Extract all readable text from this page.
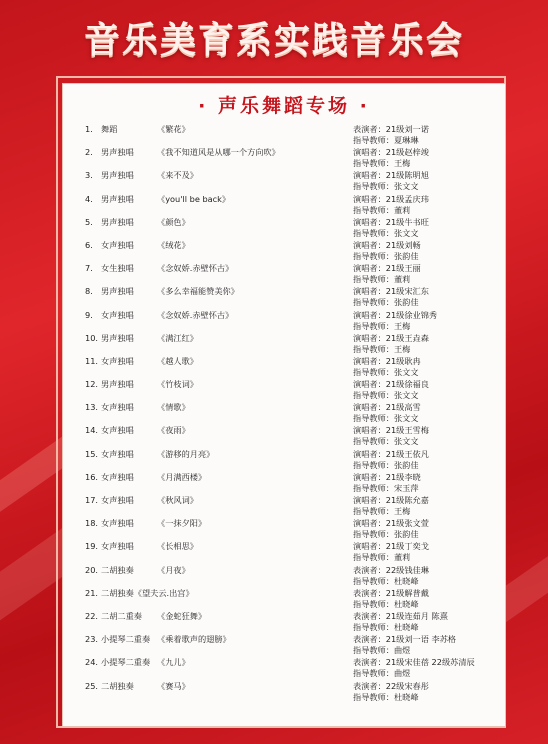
音乐美育系实践音乐会
· 声乐舞蹈专场 ·
1. 舞蹈	《繁花》	表演者：21级刘一诺
指导教师：夏琳琳
2. 男声独唱	《我不知道风是从哪一个方向吹》	演唱者：21级赵梓竣
指导教师：王梅
3. 男声独唱	《来不及》	演唱者：21级陈明旭
指导教师：张文文
4. 男声独唱	《you'll be back》	演唱者：21级孟庆玮
指导教师：董莉
5. 男声独唱	《颜色》	演唱者：21级牛书旺
指导教师：张文文
6. 女声独唱	《绒花》	演唱者：21级刘畅
指导教师：张韵佳
7. 女生独唱	《念奴娇.赤壁怀古》	演唱者：21级王丽
指导教师：董莉
8. 男声独唱	《多么幸福能赞美你》	演唱者：21级宋汇东
指导教师：张韵佳
9. 女声独唱	《念奴娇.赤壁怀古》	演唱者：21级徐业锦秀
指导教师：王梅
10. 男声独唱	《满江红》	演唱者：21级王垚森
指导教师：王梅
11. 女声独唱	《越人歌》	演唱者：21级耿冉
指导教师：张文文
12. 男声独唱	《竹枝词》	演唱者：21级徐福良
指导教师：张文文
13. 女声独唱	《情歌》	演唱者：21级高雪
指导教师：张文文
14. 女声独唱	《夜雨》	演唱者：21级王雪梅
指导教师：张文文
15. 女声独唱	《游移的月亮》	演唱者：21级王依凡
指导教师：张韵佳
16. 女声独唱	《月满西楼》	演唱者：21级李晓
指导教师：宋玉萍
17. 女声独唱	《秋风词》	演唱者：21级陈允嘉
指导教师：王梅
18. 女声独唱	《一抹夕阳》	演唱者：21级张文萱
指导教师：张韵佳
19. 女声独唱	《长相思》	演唱者：21级丁奕戈
指导教师：董莉
20. 二胡独奏	《月夜》	表演者：22级钱佳琳
指导教师：杜晓峰
21. 二胡独奏《望夫云.出宫》	表演者：21级解普戴
指导教师：杜晓峰
22. 二胡二重奏 《金蛇狂舞》	表演者：21级连茹月 陈熹
指导教师：杜晓峰
23. 小提琴二重奏 《乘着歌声的翅膀》	表演者：21级刘一语 李苏格
指导教师：曲煜
24. 小提琴二重奏 《九儿》	表演者：21级宋佳蓓 22级苏清辰
指导教师：曲煜
25. 二胡独奏	《赛马》	表演者：22级宋春彤
指导教师：杜晓峰
